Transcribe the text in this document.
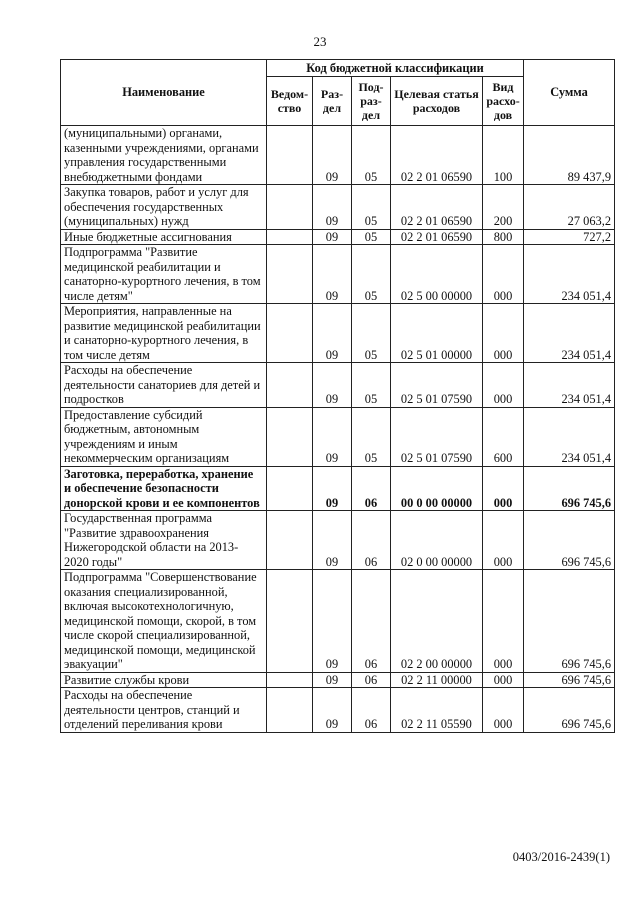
23
Наименование	Код бюджетной классификации					Сумма
	Ведом-ство	Раз-дел	Под-раз-дел	Целевая статья расходов	Вид расхо-дов	
(муниципальными) органами, казенными учреждениями, органами управления государственными внебюджетными фондами		09	05	02 2 01 06590	100	89 437,9
Закупка товаров, работ и услуг для обеспечения государственных (муниципальных) нужд		09	05	02 2 01 06590	200	27 063,2
Иные бюджетные ассигнования		09	05	02 2 01 06590	800	727,2
Подпрограмма "Развитие медицинской реабилитации и санаторно-курортного лечения, в том числе детям"		09	05	02 5 00 00000	000	234 051,4
Мероприятия, направленные на развитие медицинской реабилитации и санаторно-курортного лечения, в том числе детям		09	05	02 5 01 00000	000	234 051,4
Расходы на обеспечение деятельности санаториев для детей и подростков		09	05	02 5 01 07590	000	234 051,4
Предоставление субсидий бюджетным, автономным учреждениям и иным некоммерческим организациям		09	05	02 5 01 07590	600	234 051,4
Заготовка, переработка, хранение и обеспечение безопасности донорской крови и ее компонентов		09	06	00 0 00 00000	000	696 745,6
Государственная программа "Развитие здравоохранения Нижегородской области на 2013-2020 годы"		09	06	02 0 00 00000	000	696 745,6
Подпрограмма "Совершенствование оказания специализированной, включая высокотехнологичную, медицинской помощи, скорой, в том числе скорой специализированной, медицинской помощи, медицинской эвакуации"		09	06	02 2 00 00000	000	696 745,6
Развитие службы крови		09	06	02 2 11 00000	000	696 745,6
Расходы на обеспечение деятельности центров, станций и отделений переливания крови		09	06	02 2 11 05590	000	696 745,6
0403/2016-2439(1)
